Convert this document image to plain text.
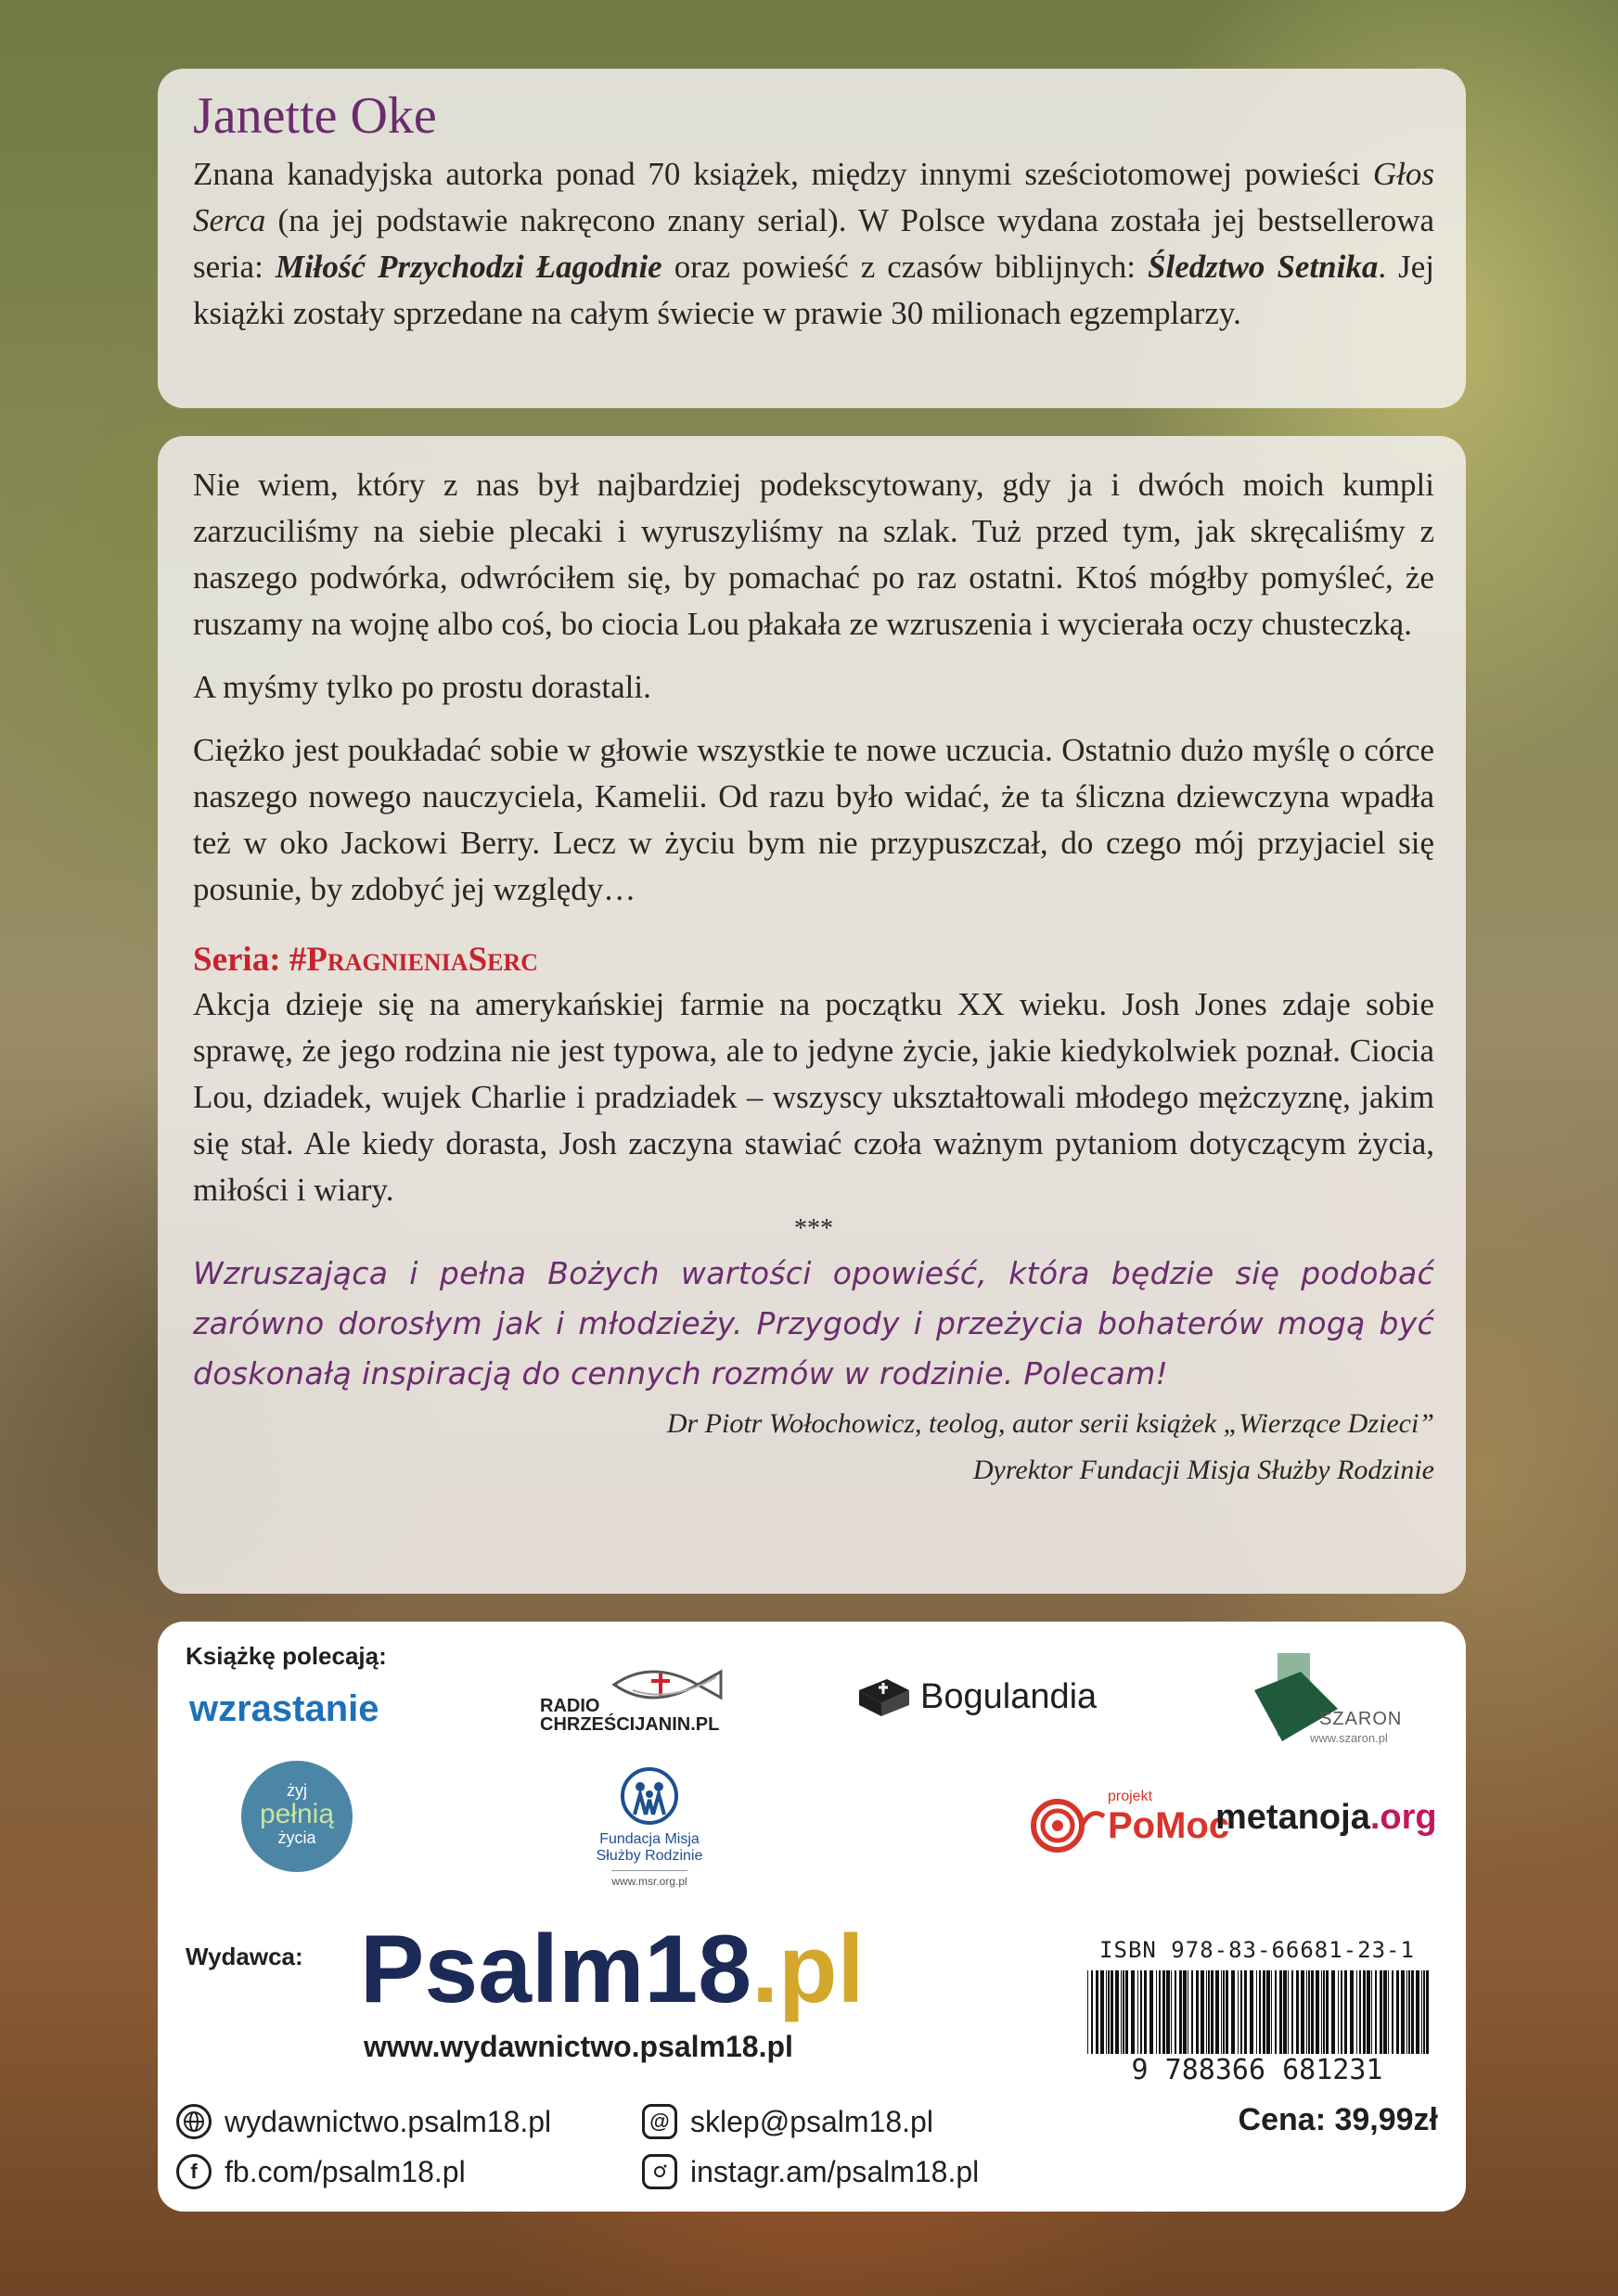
Janette Oke

Znana kanadyjska autorka ponad 70 książek, między innymi sześciotomowej powieści Głos Serca (na jej podstawie nakręcono znany serial). W Polsce wydana została jej bestsellerowa seria: Miłość Przychodzi Łagodnie oraz powieść z czasów biblijnych: Śledztwo Setnika. Jej książki zostały sprzedane na całym świecie w prawie 30 milionach egzemplarzy.

Nie wiem, który z nas był najbardziej podekscytowany, gdy ja i dwóch moich kumpli zarzuciliśmy na siebie plecaki i wyruszyliśmy na szlak. Tuż przed tym, jak skręcaliśmy z naszego podwórka, odwróciłem się, by pomachać po raz ostatni. Ktoś mógłby pomyśleć, że ruszamy na wojnę albo coś, bo ciocia Lou płakała ze wzruszenia i wycierała oczy chusteczką.

A myśmy tylko po prostu dorastali.

Ciężko jest poukładać sobie w głowie wszystkie te nowe uczucia. Ostatnio dużo myślę o córce naszego nowego nauczyciela, Kamelii. Od razu było widać, że ta śliczna dziewczyna wpadła też w oko Jackowi Berry. Lecz w życiu bym nie przypuszczał, do czego mój przyjaciel się posunie, by zdobyć jej względy…

Seria: #PragnieniaSerc

Akcja dzieje się na amerykańskiej farmie na początku XX wieku. Josh Jones zdaje sobie sprawę, że jego rodzina nie jest typowa, ale to jedyne życie, jakie kiedykolwiek poznał. Ciocia Lou, dziadek, wujek Charlie i pradziadek – wszyscy ukształtowali młodego mężczyznę, jakim się stał. Ale kiedy dorasta, Josh zaczyna stawiać czoła ważnym pytaniom dotyczącym życia, miłości i wiary.

***
Wzruszająca i pełna Bożych wartości opowieść, która będzie się podobać zarówno dorosłym jak i młodzieży. Przygody i przeżycia bohaterów mogą być doskonałą inspiracją do cennych rozmów w rodzinie. Polecam!
Dr Piotr Wołochowicz, teolog, autor serii książek „Wierzące Dzieci”
Dyrektor Fundacji Misja Służby Rodzinie
Książkę polecają:
wzrastanie	RADIO
CHRZEŚCIJANIN.PL
Bogulandia
SZARON
www.szaron.pl
żyj
pełnią
życia	Fundacja Misja
Służby Rodzinie
www.msr.org.pl
projekt
PoMoc
metanoja.org
Wydawca: Psalm18.pl
www.wydawnictwo.psalm18.pl
wydawnictwo.psalm18.pl
f fb.com/psalm18.pl
@ sklep@psalm18.pl
instagr.am/psalm18.pl
ISBN 978-83-66681-23-1
9 788366 681231
Cena: 39,99zł
